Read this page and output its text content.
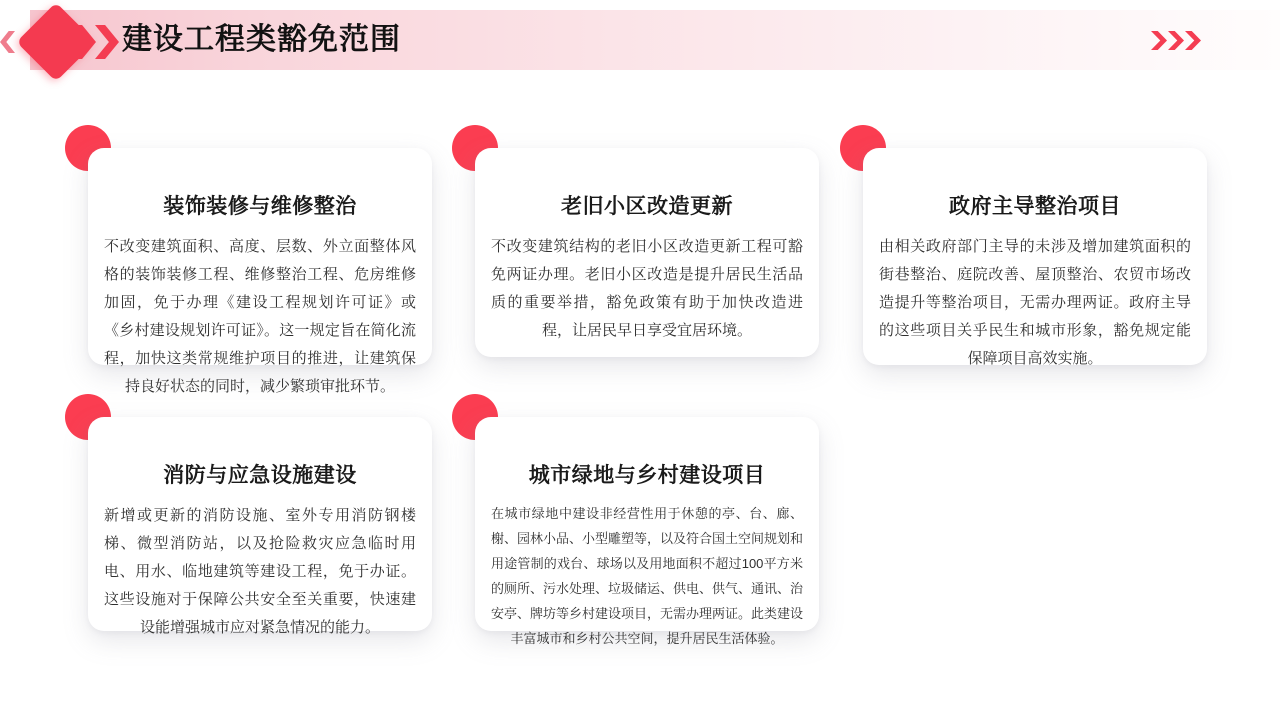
建设工程类豁免范围
装饰装修与维修整治

不改变建筑面积、高度、层数、外立面整体风格的装饰装修工程、维修整治工程、危房维修加固，免于办理《建设工程规划许可证》或《乡村建设规划许可证》。这一规定旨在简化流程，加快这类常规维护项目的推进，让建筑保持良好状态的同时，减少繁琐审批环节。

老旧小区改造更新

不改变建筑结构的老旧小区改造更新工程可豁免两证办理。老旧小区改造是提升居民生活品质的重要举措，豁免政策有助于加快改造进程，让居民早日享受宜居环境。

政府主导整治项目

由相关政府部门主导的未涉及增加建筑面积的街巷整治、庭院改善、屋顶整治、农贸市场改造提升等整治项目，无需办理两证。政府主导的这些项目关乎民生和城市形象，豁免规定能保障项目高效实施。

消防与应急设施建设

新增或更新的消防设施、室外专用消防钢楼梯、微型消防站，以及抢险救灾应急临时用电、用水、临地建筑等建设工程，免于办证。这些设施对于保障公共安全至关重要，快速建设能增强城市应对紧急情况的能力。

城市绿地与乡村建设项目

在城市绿地中建设非经营性用于休憩的亭、台、廊、榭、园林小品、小型雕塑等，以及符合国土空间规划和用途管制的戏台、球场以及用地面积不超过100平方米的厕所、污水处理、垃圾储运、供电、供气、通讯、治安亭、牌坊等乡村建设项目，无需办理两证。此类建设丰富城市和乡村公共空间，提升居民生活体验。
